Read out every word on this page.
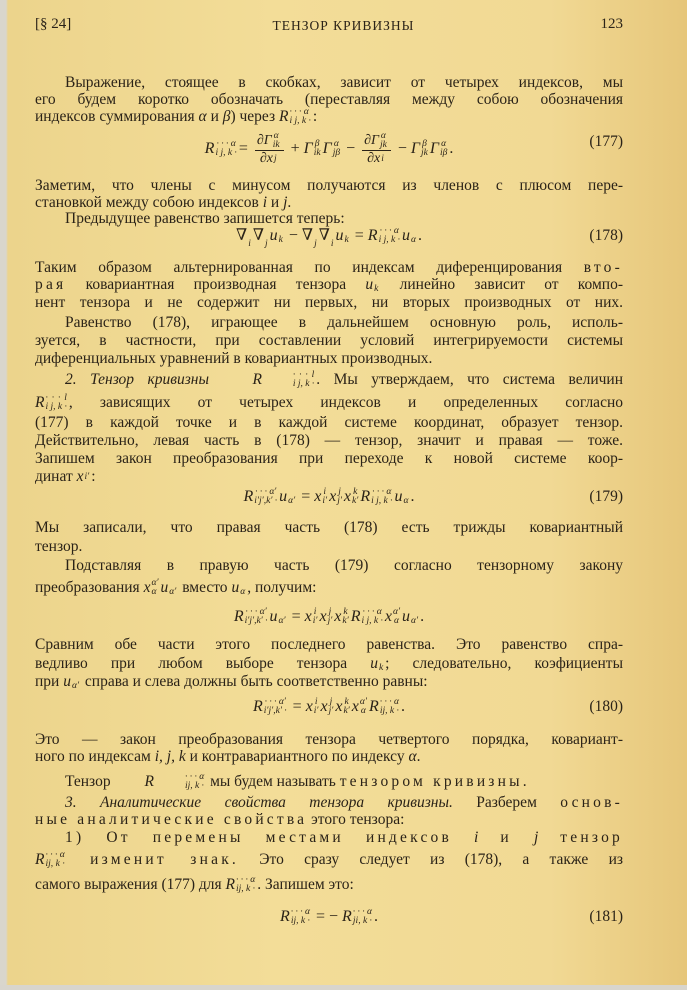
[§ 24]	ТЕНЗОР КРИВИЗНЫ	123
Выражение, стоящее в скобках, зависит от четырех индексов, мы
его будем коротко обозначать (переставляя между собою обозначения
индексов суммирования α и β) через R · · · α
i j, k · :
R · · · α
i j, k · = ∂Γ α
ik
∂x j + Γ β
ik Γ α
jβ − ∂Γ α
jk
∂x i − Γ β
jk Γ α
iβ .	(177)
Заметим, что члены с минусом получаются из членов с плюсом пере-
становкой между собою индексов i и j.
Предыдущее равенство запишется теперь:
∇ i ∇ j u k − ∇ j ∇ i u k = R · · · α
i j, k · u α .	(178)
Таким образом альтернированная по индексам диференцирования вто-
рая ковариантная производная тензора u k линейно зависит от компо-
нент тензора и не содержит ни первых, ни вторых производных от них.
Равенство (178), играющее в дальнейшем основную роль, исполь-
зуется, в частности, при составлении условий интегрируемости системы
диференциальных уравнений в ковариантных производных.
2. Тензор кривизны	R	· · · l
i j, k · . Мы утверждаем, что система величин
R · · · l
i j, k · , зависящих от четырех индексов и определенных согласно
(177) в каждой точке и в каждой системе координат, образует тензор.
Действительно, левая часть в (178) — тензор, значит и правая — тоже.
Запишем закон преобразования при переходе к новой системе коор-
динат x i′ :
R · · · α′
i′j′,k′ · u α′ = x i
i′ x j
j′ x k
k′ R · · · α
i j, k · u α .	(179)
Мы записали, что правая часть (178) есть трижды ковариантный
тензор.
Подставляя в правую часть (179) согласно тензорному закону
преобразования x α′
α u α′ вместо u α , получим:
R · · · α′
i′j′,k′ · u α′ = x i
i′ x j
j′ x k
k′ R · · · α
i j, k · x α′
α u α′ .
Сравним обе части этого последнего равенства. Это равенство спра-
ведливо при любом выборе тензора u k ; следовательно, коэфициенты
при u α′ справа и слева должны быть соответственно равны:
R · · · α′
i′j′,k′ · = x i
i′ x j
j′ x k
k′ x α′
α R · · · α
ij, k · .	(180)
Это — закон преобразования тензора четвертого порядка, ковариант-
ного по индексам i, j, k и контравариантного по индексу α.
Тензор	R	· · · α
ij, k · мы будем называть тензором кривизны.
3. Аналитические свойства тензора кривизны. Разберем основ-
ные аналитические свойства этого тензора:
1) От перемены местами индексов i и j тензор
R · · · α
ij, k · изменит знак. Это сразу следует из (178), а также из
самого выражения (177) для R · · · α
ij, k · . Запишем это:
R · · · α
ij, k · = − R · · · α
ji, k · .	(181)
